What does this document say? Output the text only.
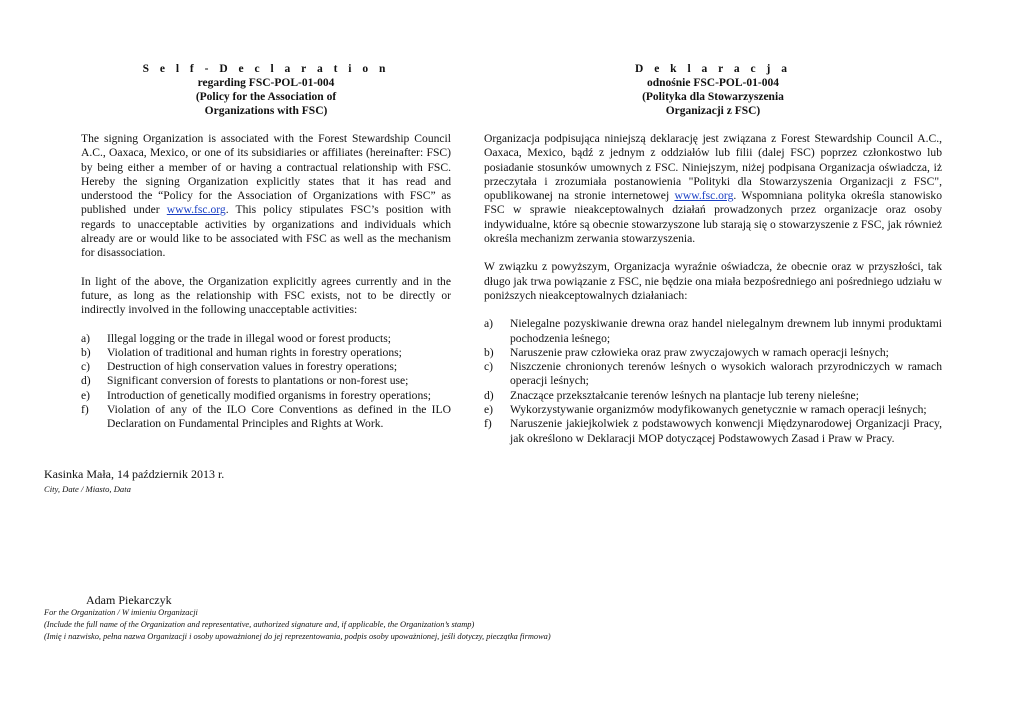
S e l f - D e c l a r a t i o n
regarding FSC-POL-01-004
(Policy for the Association of
Organizations with FSC)

The signing Organization is associated with the Forest Stewardship Council A.C., Oaxaca, Mexico, or one of its subsidiaries or affiliates (hereinafter: FSC) by being either a member of or having a contractual relationship with FSC. Hereby the signing Organization explicitly states that it has read and understood the “Policy for the Association of Organizations with FSC” as published under www.fsc.org. This policy stipulates FSC’s position with regards to unacceptable activities by organizations and individuals which already are or would like to be associated with FSC as well as the mechanism for disassociation.

In light of the above, the Organization explicitly agrees currently and in the future, as long as the relationship with FSC exists, not to be directly or indirectly involved in the following unacceptable activities:

a)	Illegal logging or the trade in illegal wood or forest products;
b)	Violation of traditional and human rights in forestry operations;
c)	Destruction of high conservation values in forestry operations;
d)	Significant conversion of forests to plantations or non-forest use;
e)	Introduction of genetically modified organisms in forestry operations;
f)	Violation of any of the ILO Core Conventions as defined in the ILO Declaration on Fundamental Principles and Rights at Work.
D e k l a r a c j a
odnośnie FSC-POL-01-004
(Polityka dla Stowarzyszenia
Organizacji z FSC)

Organizacja podpisująca niniejszą deklarację jest związana z Forest Stewardship Council A.C., Oaxaca, Mexico, bądź z jednym z oddziałów lub filii (dalej FSC) poprzez członkostwo lub posiadanie stosunków umownych z FSC. Niniejszym, niżej podpisana Organizacja oświadcza, iż przeczytała i zrozumiała postanowienia "Polityki dla Stowarzyszenia Organizacji z FSC", opublikowanej na stronie internetowej www.fsc.org. Wspomniana polityka określa stanowisko FSC w sprawie nieakceptowalnych działań prowadzonych przez organizacje oraz osoby indywidualne, które są obecnie stowarzyszone lub starają się o stowarzyszenie z FSC, jak również określa mechanizm zerwania stowarzyszenia.

W związku z powyższym, Organizacja wyraźnie oświadcza, że obecnie oraz w przyszłości, tak długo jak trwa powiązanie z FSC, nie będzie ona miała bezpośredniego ani pośredniego udziału w poniższych nieakceptowalnych działaniach:

a)	Nielegalne pozyskiwanie drewna oraz handel nielegalnym drewnem lub innymi produktami pochodzenia leśnego;
b)	Naruszenie praw człowieka oraz praw zwyczajowych w ramach operacji leśnych;
c)	Niszczenie chronionych terenów leśnych o wysokich walorach przyrodniczych w ramach operacji leśnych;
d)	Znaczące przekształcanie terenów leśnych na plantacje lub tereny nieleśne;
e)	Wykorzystywanie organizmów modyfikowanych genetycznie w ramach operacji leśnych;
f)	Naruszenie jakiejkolwiek z podstawowych konwencji Międzynarodowej Organizacji Pracy, jak określono w Deklaracji MOP dotyczącej Podstawowych Zasad i Praw w Pracy.
Kasinka Mała, 14 październik 2013 r.
City, Date / Miasto, Data
Adam Piekarczyk
For the Organization / W imieniu Organizacji
(Include the full name of the Organization and representative, authorized signature and, if applicable, the Organization’s stamp)
(Imię i nazwisko, pełna nazwa Organizacji i osoby upoważnionej do jej reprezentowania, podpis osoby upoważnionej, jeśli dotyczy, pieczątka firmowa)
